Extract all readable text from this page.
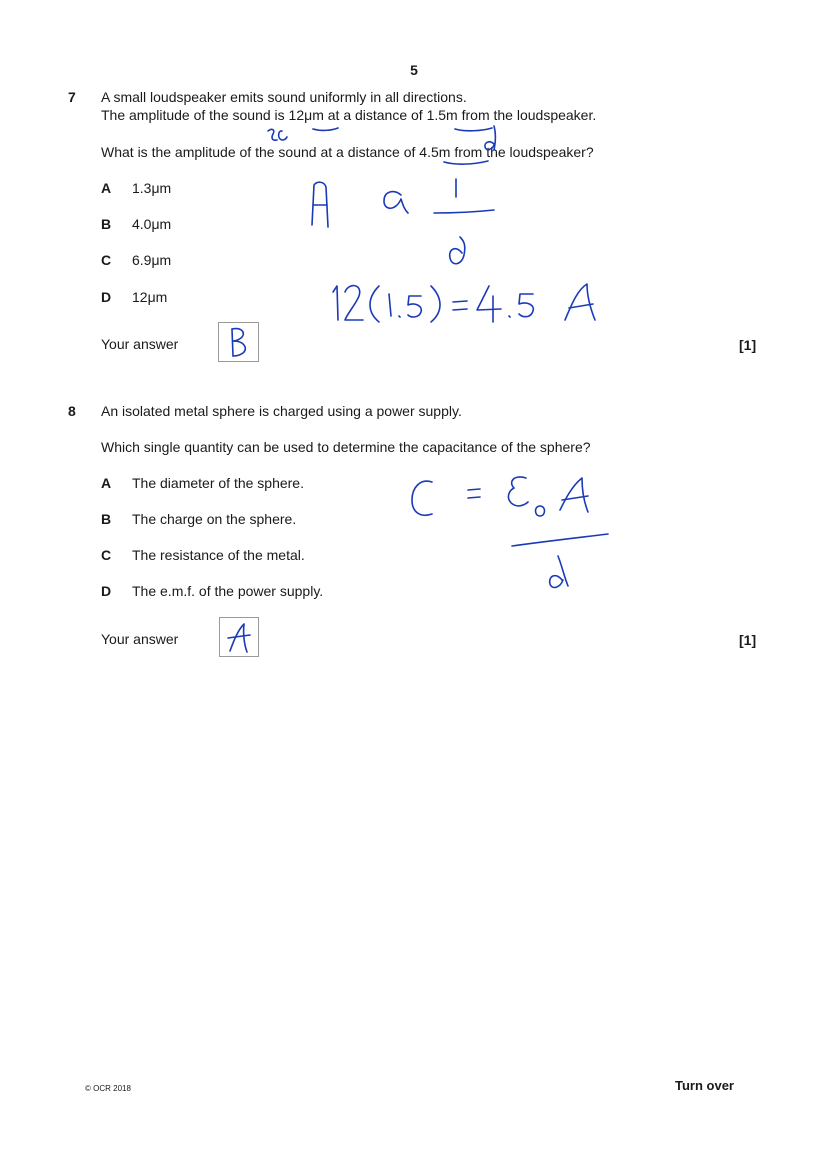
5
7 A small loudspeaker emits sound uniformly in all directions.
The amplitude of the sound is 12μm at a distance of 1.5m from the loudspeaker.
What is the amplitude of the sound at a distance of 4.5m from the loudspeaker?
A 1.3μm
B 4.0μm
C 6.9μm
D 12μm
Your answer	[1]
8 An isolated metal sphere is charged using a power supply.
Which single quantity can be used to determine the capacitance of the sphere?
A The diameter of the sphere.
B The charge on the sphere.
C The resistance of the metal.
D The e.m.f. of the power supply.
Your answer	[1]
© OCR 2018	Turn over
